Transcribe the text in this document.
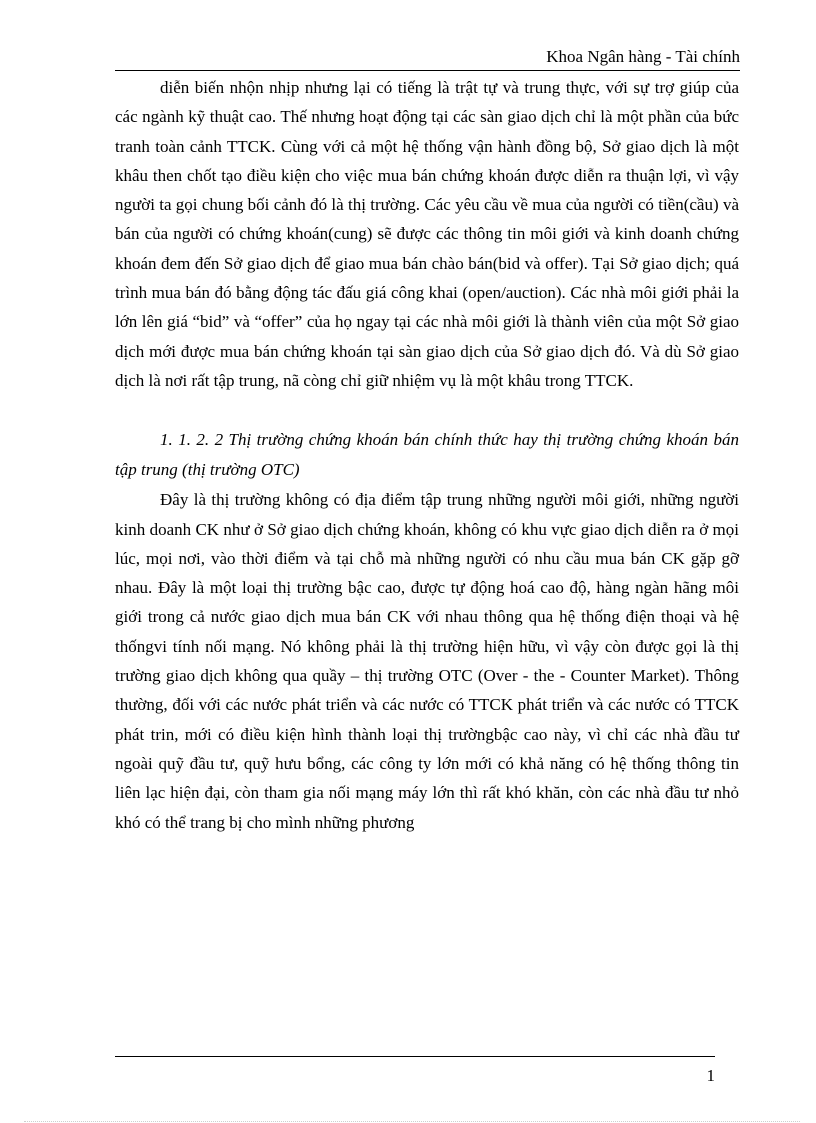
Khoa Ngân hàng - Tài chính

diễn biến nhộn nhịp nhưng lại có tiếng là trật tự và trung thực, với sự trợ giúp của các ngành kỹ thuật cao. Thế nhưng hoạt động tại các sàn giao dịch chỉ là một phần của bức tranh toàn cảnh TTCK. Cùng với cả một hệ thống vận hành đồng bộ, Sở giao dịch là một khâu then chốt tạo điều kiện cho việc mua bán chứng khoán được diễn ra thuận lợi, vì vậy người ta gọi chung bối cảnh đó là thị trường. Các yêu cầu về mua của người có tiền(cầu) và bán của người có chứng khoán(cung) sẽ được các thông tin môi giới và kinh doanh chứng khoán đem đến Sở giao dịch để giao mua bán chào bán(bid và offer). Tại Sở giao dịch; quá trình mua bán đó bằng động tác đấu giá công khai (open/auction). Các nhà môi giới phải la lớn lên giá “bid” và “offer” của họ ngay tại các nhà môi giới là thành viên của một Sở giao dịch mới được mua bán chứng khoán tại sàn giao dịch của Sở giao dịch đó. Và dù Sở giao dịch là nơi rất tập trung, nã còng chỉ giữ nhiệm vụ là một khâu trong TTCK.

1. 1. 2. 2 Thị trường chứng khoán bán chính thức hay thị trường chứng khoán bán tập trung (thị trường OTC)

Đây là thị trường không có địa điểm tập trung những người môi giới, những người kinh doanh CK như ở Sở giao dịch chứng khoán, không có khu vực giao dịch diễn ra ở mọi lúc, mọi nơi, vào thời điểm và tại chỗ mà những người có nhu cầu mua bán CK gặp gỡ nhau. Đây là một loại thị trường bậc cao, được tự động hoá cao độ, hàng ngàn hãng môi giới trong cả nước giao dịch mua bán CK với nhau thông qua hệ thống điện thoại và hệ thốngvi tính nối mạng. Nó không phải là thị trường hiện hữu, vì vậy còn được gọi là thị trường giao dịch không qua quầy – thị trường OTC (Over - the - Counter Market). Thông thường, đối với các nước phát triển và các nước có TTCK phát triển và các nước có TTCK phát trin, mới có điều kiện hình thành loại thị trườngbậc cao này, vì chỉ các nhà đầu tư ngoài quỹ đầu tư, quỹ hưu bổng, các công ty lớn mới có khả năng có hệ thống thông tin liên lạc hiện đại, còn tham gia nối mạng máy lớn thì rất khó khăn, còn các nhà đầu tư nhỏ khó có thể trang bị cho mình những phương

1
